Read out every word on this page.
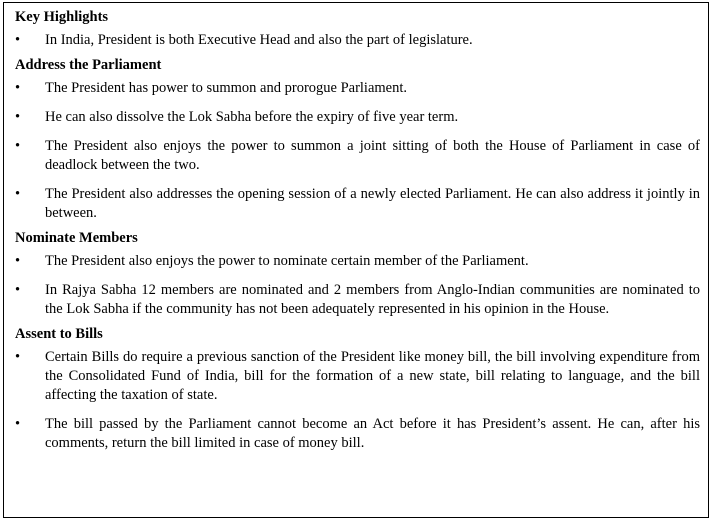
Key Highlights
•	In India, President is both Executive Head and also the part of legislature.
Address the Parliament
•	The President has power to summon and prorogue Parliament.
•	He can also dissolve the Lok Sabha before the expiry of five year term.
•	The President also enjoys the power to summon a joint sitting of both the House of Parliament in case of deadlock between the two.
•	The President also addresses the opening session of a newly elected Parliament. He can also address it jointly in between.
Nominate Members
•	The President also enjoys the power to nominate certain member of the Parliament.
•	In Rajya Sabha 12 members are nominated and 2 members from Anglo-Indian communities are nominated to the Lok Sabha if the community has not been adequately represented in his opinion in the House.
Assent to Bills
•	Certain Bills do require a previous sanction of the President like money bill, the bill involving expenditure from the Consolidated Fund of India, bill for the formation of a new state, bill relating to language, and the bill affecting the taxation of state.
•	The bill passed by the Parliament cannot become an Act before it has President’s assent. He can, after his comments, return the bill limited in case of money bill.
